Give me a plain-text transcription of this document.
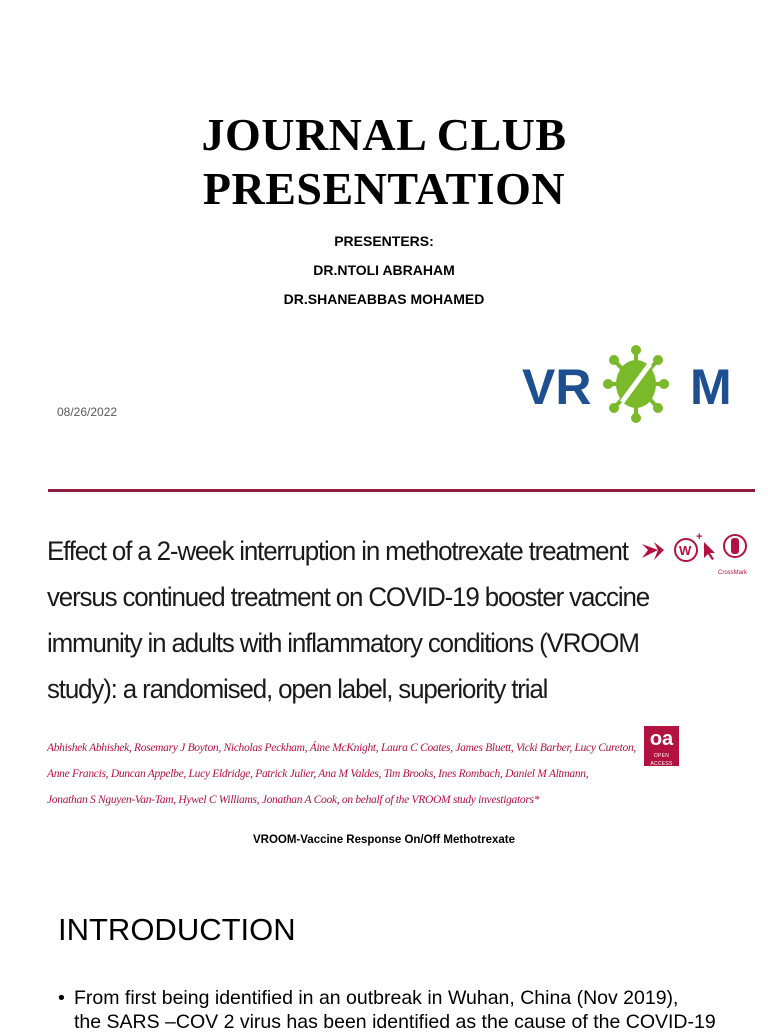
JOURNAL CLUB
PRESENTATION
PRESENTERS:
DR.NTOLI ABRAHAM
DR.SHANEABBAS MOHAMED
VR M
08/26/2022
Effect of a 2-week interruption in methotrexate treatment
versus continued treatment on COVID-19 booster vaccine
immunity in adults with inflammatory conditions (VROOM
study): a randomised, open label, superiority trial
W
+
CrossMark
Abhishek Abhishek, Rosemary J Boyton, Nicholas Peckham, Áine McKnight, Laura C Coates, James Bluett, Vicki Barber, Lucy Cureton,
Anne Francis, Duncan Appelbe, Lucy Eldridge, Patrick Julier, Ana M Valdes, Tim Brooks, Ines Rombach, Daniel M Altmann,
Jonathan S Nguyen-Van-Tam, Hywel C Williams, Jonathan A Cook, on behalf of the VROOM study investigators*
oa
OPEN ACCESS
VROOM-Vaccine Response On/Off Methotrexate
INTRODUCTION
• From first being identified in an outbreak in Wuhan, China (Nov 2019),
the SARS –COV 2 virus has been identified as the cause of the COVID-19
